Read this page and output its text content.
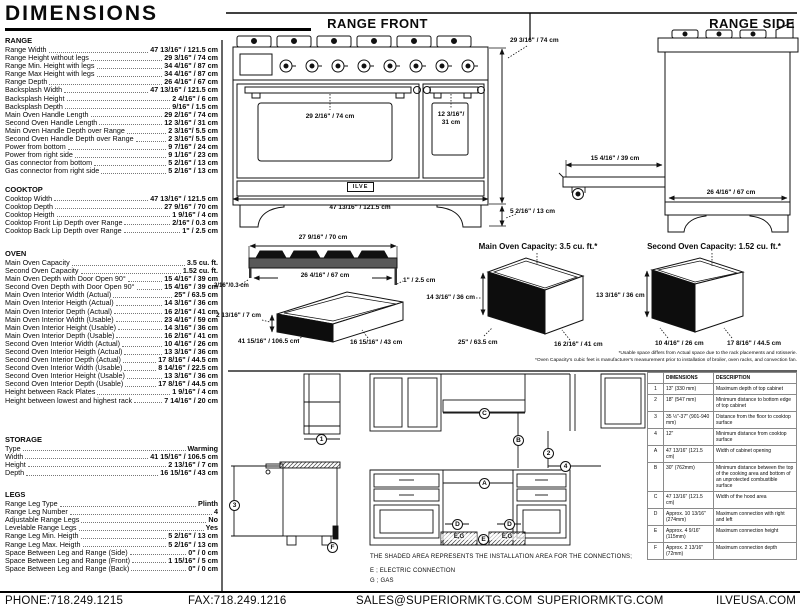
DIMENSIONS
RANGE
Range Width	47 13/16" / 121.5 cm
Range Height without legs	29 3/16" / 74 cm
Range Min. Height with legs	34 4/16" / 87 cm
Range Max Height with legs	34 4/16" / 87 cm
Range Depth	26 4/16" / 67 cm
Backsplash Width	47 13/16" / 121.5 cm
Backsplash Height	2 4/16" / 6 cm
Backsplash Depth	9/16" / 1.5 cm
Main Oven Handle Length	29 2/16" / 74 cm
Second Oven Handle Length	12 3/16" / 31 cm
Main Oven Handle Depth over Range	2 3/16"/ 5.5 cm
Second Oven Handle Depth over Range	2 3/16"/ 5.5 cm
Power from bottom	9 7/16" / 24 cm
Power from right side	9 1/16" / 23 cm
Gas connector from bottom	5 2/16" / 13 cm
Gas connector from right side	5 2/16" / 13 cm
COOKTOP
Cooktop Width	47 13/16" / 121.5 cm
Cooktop Depth	27 9/16" / 70 cm
Cooktop Heigth	1 9/16" / 4 cm
Cooktop Front Lip Depth over Range	2/16" / 0.3 cm
Cooktop Back Lip Depth over Range	1" / 2.5 cm
OVEN
Main Oven Capacity	3.5 cu. ft.
Second Oven Capacity	1.52 cu. ft.
Main Oven Depth with Door Open 90°	15 4/16" / 39 cm
Second Oven Depth with Door Open 90°	15 4/16" / 39 cm
Main Oven Interior Width (Actual)	25" / 63.5 cm
Main Oven Interior Heigth (Actual)	14 3/16" / 36 cm
Main Oven Interior Depth (Actual)	16 2/16" / 41 cm
Main Oven Interior Width (Usable)	23 4/16" / 59 cm
Main Oven Interior Height (Usable)	14 3/16" / 36 cm
Main Oven Interior Depth (Usable)	16 2/16" / 41 cm
Second Oven Interior Width (Actual)	10 4/16" / 26 cm
Second Oven Interior Heigth (Actual)	13 3/16" / 36 cm
Second Oven Interior Depth (Actual)	17 8/16" / 44.5 cm
Second Oven Interior Width (Usable)	8 14/16" / 22.5 cm
Second Oven Interior Height (Usable)	13 3/16" / 36 cm
Second Oven Interior Depth (Usable)	17 8/16" / 44.5 cm
Height between Rack Plates	1 9/16" / 4 cm
Height between lowest and highest rack	7 14/16" / 20 cm
STORAGE
Type	Warming
Width	41 15/16" / 106.5 cm
Height	2 13/16" / 7 cm
Depth	16 15/16" / 43 cm
LEGS
Range Leg Type	Plinth
Range Leg Number	4
Adjustable Range Legs	No
Levelable Range Legs	Yes
Range Leg Min. Heigth	5 2/16" / 13 cm
Range Leg Max. Heigth	5 2/16" / 13 cm
Space Between Leg and Range (Side)	0" / 0 cm
Space Between Leg and Range (Front)	1 15/16" / 5 cm
Space Between Leg and Range (Back)	0" / 0 cm
RANGE FRONT	RANGE SIDE
29 2/16" / 74 cm	12 3/16"/
31 cm
47 13/16" / 121.5 cm
29 3/16" / 74 cm
5 2/16" / 13 cm
ILVE
15 4/16" / 39 cm
26 4/16" / 67 cm
27 9/16" / 70 cm
26 4/16" / 67 cm
1" / 2.5 cm
2/16"/0.3 cm
2 13/16" / 7 cm
41 15/16" / 106.5 cm	16 15/16" / 43 cm
Main Oven Capacity: 3.5 cu. ft.*
14 3/16" / 36 cm
25" / 63.5 cm	16 2/16" / 41 cm
Second Oven Capacity: 1.52 cu. ft.*
13 3/16" / 36 cm
10 4/16" / 26 cm	17 8/16" / 44.5 cm
*Usable space differs from Actual space due to the rack placements and rotisserie.
*Oven Capacity's cubic feet is manufacturer's measurement prior to installation of broiler, oven racks, and convection fan.
1
3
F
C
B
2
4
A
D	D
E
E,G	E,G
THE SHADED AREA REPRESENTS THE INSTALLATION AREA FOR THE CONNECTIONS;
E ; ELECTRIC CONNECTION
G ; GAS
	DIMENSIONS	DESCRIPTION
1	13" (330 mm)	Maximum depth of top cabinet
2	18" (547 mm)	Minimum distance to bottom edge of top cabinet
3	35 ½"-37" (901-940 mm)	Distance from the floor to cooktop surface
4	12"	Minimum distance from cooktop surface
A	47 13/16" (121.5 cm)	Width of cabinet opening
B	30" (762mm)	Minimum distance between the top of the cooking area and bottom of an unprotected combustible surface
C	47 13/16" (121.5 cm)	Width of the hood area
D	Approx. 10 13/16" (274mm)	Maximum connection with right and left
E	Approx. 4 9/16" (115mm)	Maximum connection height
F	Approx. 2 13/16" (72mm)	Maximum connection depth
PHONE:718.249.1215	FAX:718.249.1216	SALES@SUPERIORMKTG.COM SUPERIORMKTG.COM	ILVEUSA.COM
